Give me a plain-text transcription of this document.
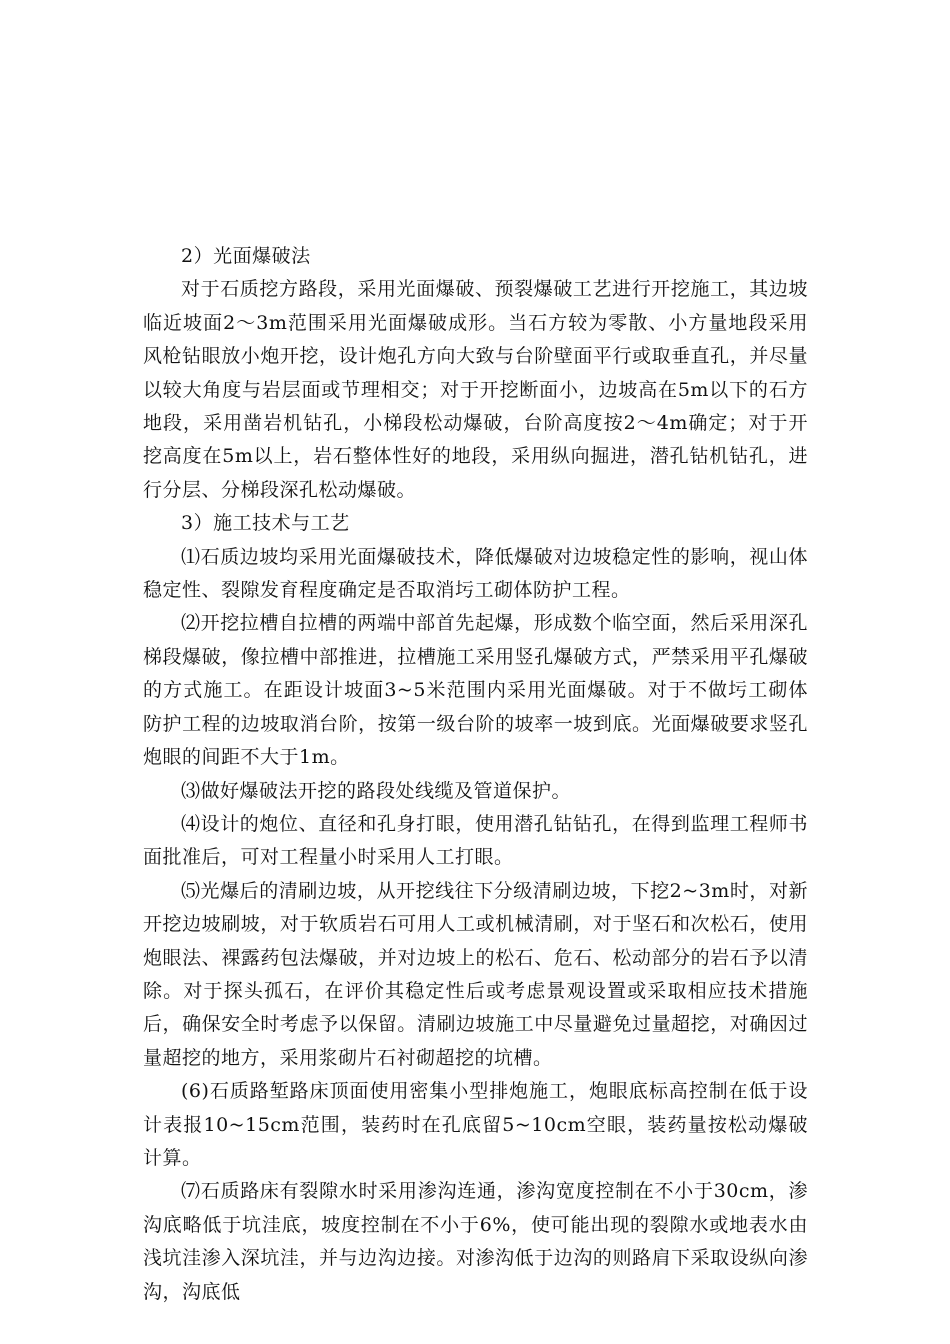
2）光面爆破法

对于石质挖方路段，采用光面爆破、预裂爆破工艺进行开挖施工，其边坡临近坡面2～3m范围采用光面爆破成形。当石方较为零散、小方量地段采用风枪钻眼放小炮开挖，设计炮孔方向大致与台阶壁面平行或取垂直孔，并尽量以较大角度与岩层面或节理相交；对于开挖断面小，边坡高在5m以下的石方地段，采用凿岩机钻孔，小梯段松动爆破，台阶高度按2～4m确定；对于开挖高度在5m以上，岩石整体性好的地段，采用纵向掘进，潜孔钻机钻孔，进行分层、分梯段深孔松动爆破。

3）施工技术与工艺

⑴石质边坡均采用光面爆破技术，降低爆破对边坡稳定性的影响，视山体稳定性、裂隙发育程度确定是否取消圬工砌体防护工程。

⑵开挖拉槽自拉槽的两端中部首先起爆，形成数个临空面，然后采用深孔梯段爆破，像拉槽中部推进，拉槽施工采用竖孔爆破方式，严禁采用平孔爆破的方式施工。在距设计坡面3~5米范围内采用光面爆破。对于不做圬工砌体防护工程的边坡取消台阶，按第一级台阶的坡率一坡到底。光面爆破要求竖孔炮眼的间距不大于1m。

⑶做好爆破法开挖的路段处线缆及管道保护。

⑷设计的炮位、直径和孔身打眼，使用潜孔钻钻孔，在得到监理工程师书面批准后，可对工程量小时采用人工打眼。

⑸光爆后的清刷边坡，从开挖线往下分级清刷边坡，下挖2~3m时，对新开挖边坡刷坡，对于软质岩石可用人工或机械清刷，对于坚石和次松石，使用炮眼法、裸露药包法爆破，并对边坡上的松石、危石、松动部分的岩石予以清除。对于探头孤石，在评价其稳定性后或考虑景观设置或采取相应技术措施后，确保安全时考虑予以保留。清刷边坡施工中尽量避免过量超挖，对确因过量超挖的地方，采用浆砌片石衬砌超挖的坑槽。

(6)石质路堑路床顶面使用密集小型排炮施工，炮眼底标高控制在低于设计表报10~15cm范围，装药时在孔底留5~10cm空眼，装药量按松动爆破计算。

⑺石质路床有裂隙水时采用渗沟连通，渗沟宽度控制在不小于30cm，渗沟底略低于坑洼底，坡度控制在不小于6%，使可能出现的裂隙水或地表水由浅坑洼渗入深坑洼，并与边沟边接。对渗沟低于边沟的则路肩下采取设纵向渗沟，沟底低
